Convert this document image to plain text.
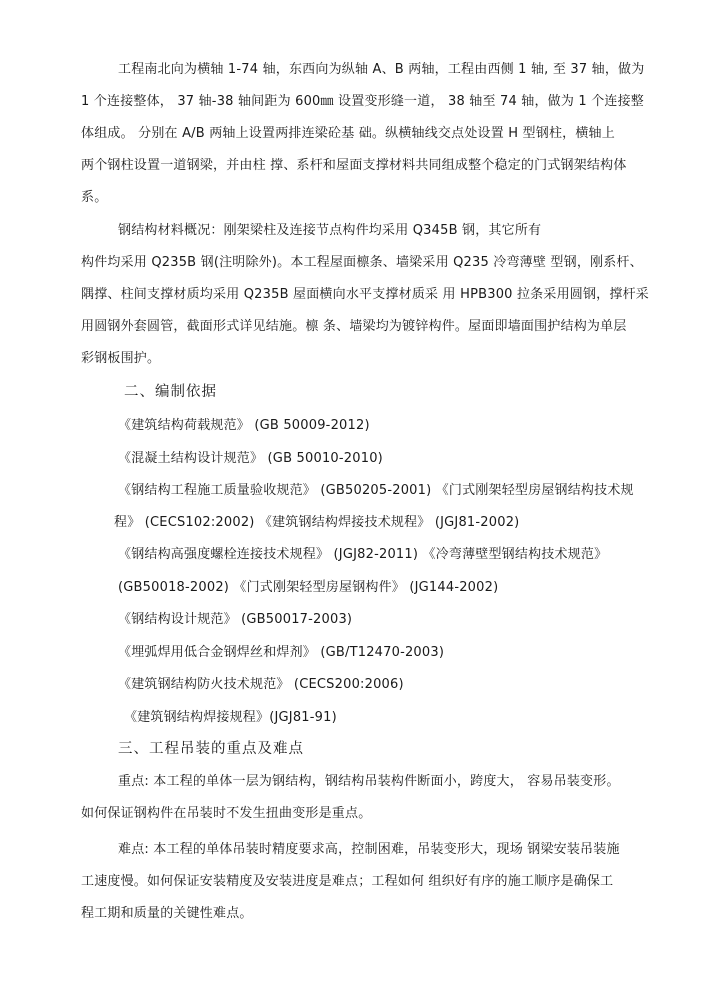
工程南北向为横轴 1-74 轴，东西向为纵轴 A、B 两轴，工程由西侧 1 轴, 至 37 轴，做为
1 个连接整体， 37 轴-38 轴间距为 600㎜ 设置变形缝一道， 38 轴至 74 轴，做为 1 个连接整
体组成。 分别在 A/B 两轴上设置两排连梁砼基 础。纵横轴线交点处设置 H 型钢柱，横轴上
两个钢柱设置一道钢梁，并由柱 撑、系杆和屋面支撑材料共同组成整个稳定的门式钢架结构体
系。
钢结构材料概况：刚架梁柱及连接节点构件均采用 Q345B 钢，其它所有
构件均采用 Q235B 钢(注明除外)。本工程屋面檩条、墙梁采用 Q235 冷弯薄壁 型钢，刚系杆、
隅撑、柱间支撑材质均采用 Q235B 屋面横向水平支撑材质采 用 HPB300 拉条采用圆钢，撑杆采
用圆钢外套圆管，截面形式详见结施。檩 条、墙梁均为镀锌构件。屋面即墙面围护结构为单层
彩钢板围护。
二、编制依据
《建筑结构荷载规范》 (GB 50009-2012)
《混凝土结构设计规范》 (GB 50010-2010)
《钢结构工程施工质量验收规范》 (GB50205-2001) 《门式刚架轻型房屋钢结构技术规
程》 (CECS102:2002) 《建筑钢结构焊接技术规程》 (JGJ81-2002)
《钢结构高强度螺栓连接技术规程》 (JGJ82-2011) 《冷弯薄壁型钢结构技术规范》
(GB50018-2002) 《门式刚架轻型房屋钢构件》 (JG144-2002)
《钢结构设计规范》 (GB50017-2003)
《埋弧焊用低合金钢焊丝和焊剂》 (GB/T12470-2003)
《建筑钢结构防火技术规范》 (CECS200:2006)
《建筑钢结构焊接规程》(JGJ81-91)
三、工程吊装的重点及难点
重点: 本工程的单体一层为钢结构，钢结构吊装构件断面小，跨度大， 容易吊装变形。
如何保证钢构件在吊装时不发生扭曲变形是重点。
难点: 本工程的单体吊装时精度要求高，控制困难，吊装变形大，现场 钢梁安装吊装施
工速度慢。如何保证安装精度及安装进度是难点；工程如何 组织好有序的施工顺序是确保工
程工期和质量的关键性难点。
